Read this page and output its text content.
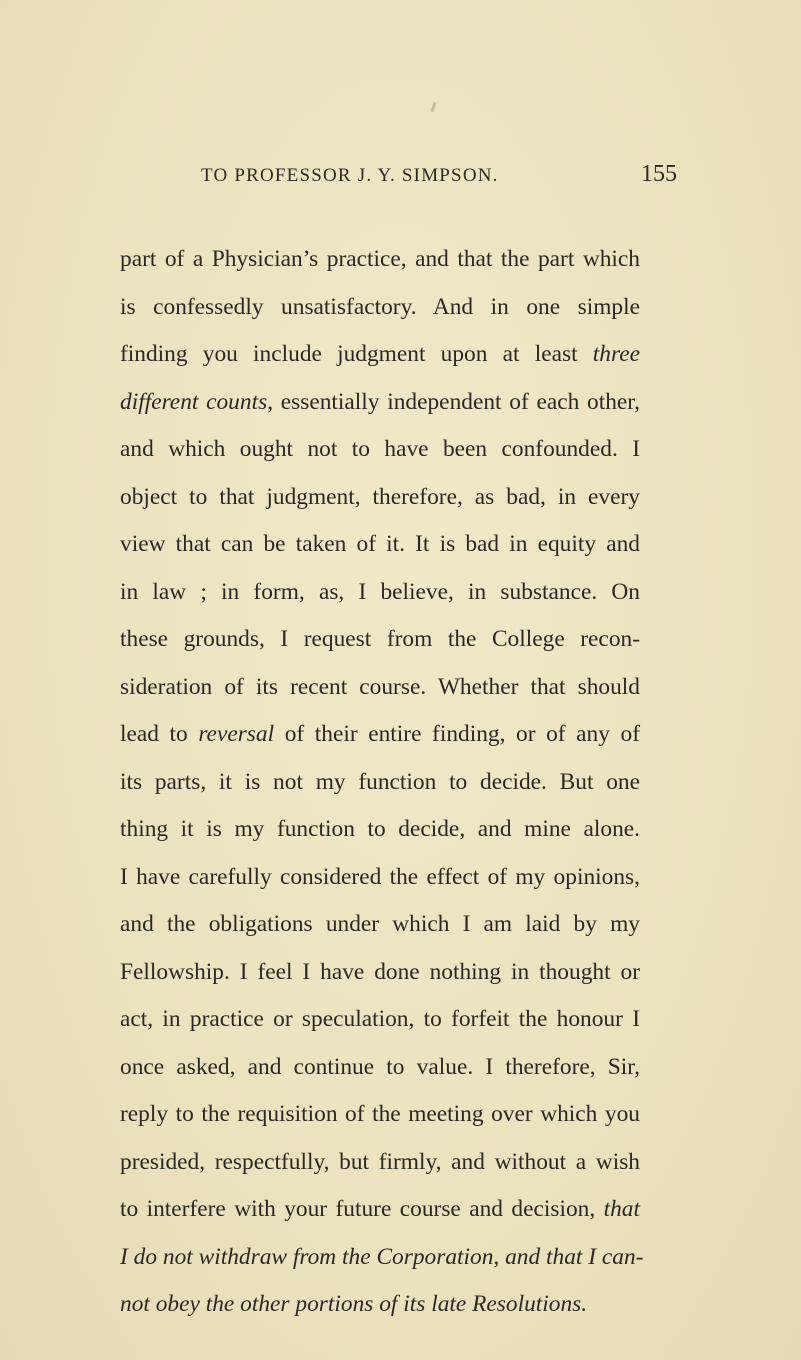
TO PROFESSOR J. Y. SIMPSON.	155
part of a Physician’s practice, and that the part which
is confessedly unsatisfactory. And in one simple
finding you include judgment upon at least three
different counts, essentially independent of each other,
and which ought not to have been confounded. I
object to that judgment, therefore, as bad, in every
view that can be taken of it. It is bad in equity and
in law ; in form, as, I believe, in substance. On
these grounds, I request from the College recon-
sideration of its recent course. Whether that should
lead to reversal of their entire finding, or of any of
its parts, it is not my function to decide. But one
thing it is my function to decide, and mine alone.
I have carefully considered the effect of my opinions,
and the obligations under which I am laid by my
Fellowship. I feel I have done nothing in thought or
act, in practice or speculation, to forfeit the honour I
once asked, and continue to value. I therefore, Sir,
reply to the requisition of the meeting over which you
presided, respectfully, but firmly, and without a wish
to interfere with your future course and decision, that
I do not withdraw from the Corporation, and that I can-
not obey the other portions of its late Resolutions.
